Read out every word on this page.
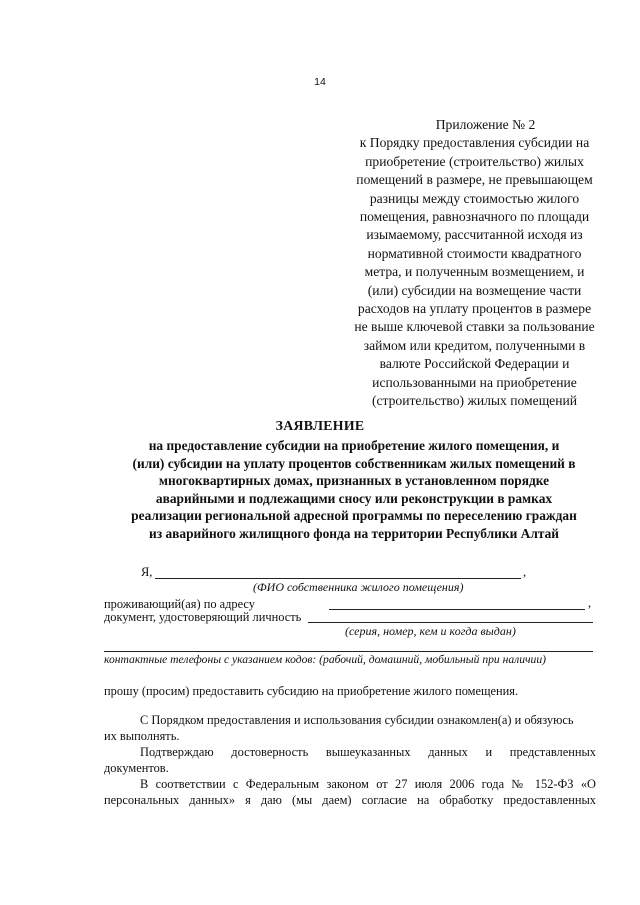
14
Приложение № 2
к Порядку предоставления субсидии на
приобретение (строительство) жилых
помещений в размере, не превышающем
разницы между стоимостью жилого
помещения, равнозначного по площади
изымаемому, рассчитанной исходя из
нормативной стоимости квадратного
метра, и полученным возмещением, и
(или) субсидии на возмещение части
расходов на уплату процентов в размере
не выше ключевой ставки за пользование
займом или кредитом, полученными в
валюте Российской Федерации и
использованными на приобретение
(строительство) жилых помещений
ЗАЯВЛЕНИЕ
на предоставление субсидии на приобретение жилого помещения, и
(или) субсидии на уплату процентов собственникам жилых помещений в
многоквартирных домах, признанных в установленном порядке
аварийными и подлежащими сносу или реконструкции в рамках
реализации региональной адресной программы по переселению граждан
из аварийного жилищного фонда на территории Республики Алтай
Я,	,
(ФИО собственника жилого помещения)
проживающий(ая) по адресу	,
документ, удостоверяющий личность
(серия, номер, кем и когда выдан)
контактные телефоны с указанием кодов: (рабочий, домашний, мобильный при наличии)
прошу (просим) предоставить субсидию на приобретение жилого помещения.
С Порядком предоставления и использования субсидии ознакомлен(а) и обязуюсь
их выполнять.
Подтверждаю достоверность вышеуказанных данных и представленных
документов.
В соответствии с Федеральным законом от 27 июля 2006 года № 152-ФЗ «О
персональных данных» я даю (мы даем) согласие на обработку предоставленных
